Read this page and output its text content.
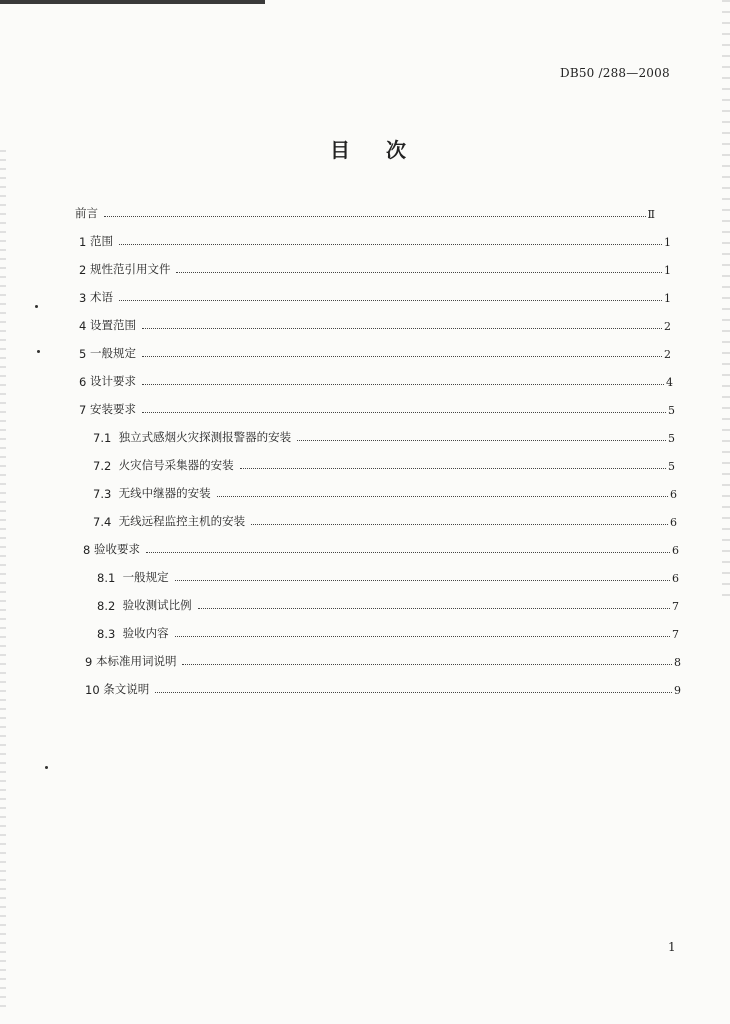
DB50 /288—2008
目 次
前言	Ⅱ
1 范围	1
2 规性范引用文件	1
3 术语	1
4 设置范围	2
5 一般规定	2
6 设计要求	4
7 安装要求	5
7.1 独立式感烟火灾探测报警器的安装	5
7.2 火灾信号采集器的安装	5
7.3 无线中继器的安装	6
7.4 无线远程监控主机的安装	6
8 验收要求	6
8.1 一般规定	6
8.2 验收测试比例	7
8.3 验收内容	7
9 本标准用词说明	8
10 条文说明	9
1
